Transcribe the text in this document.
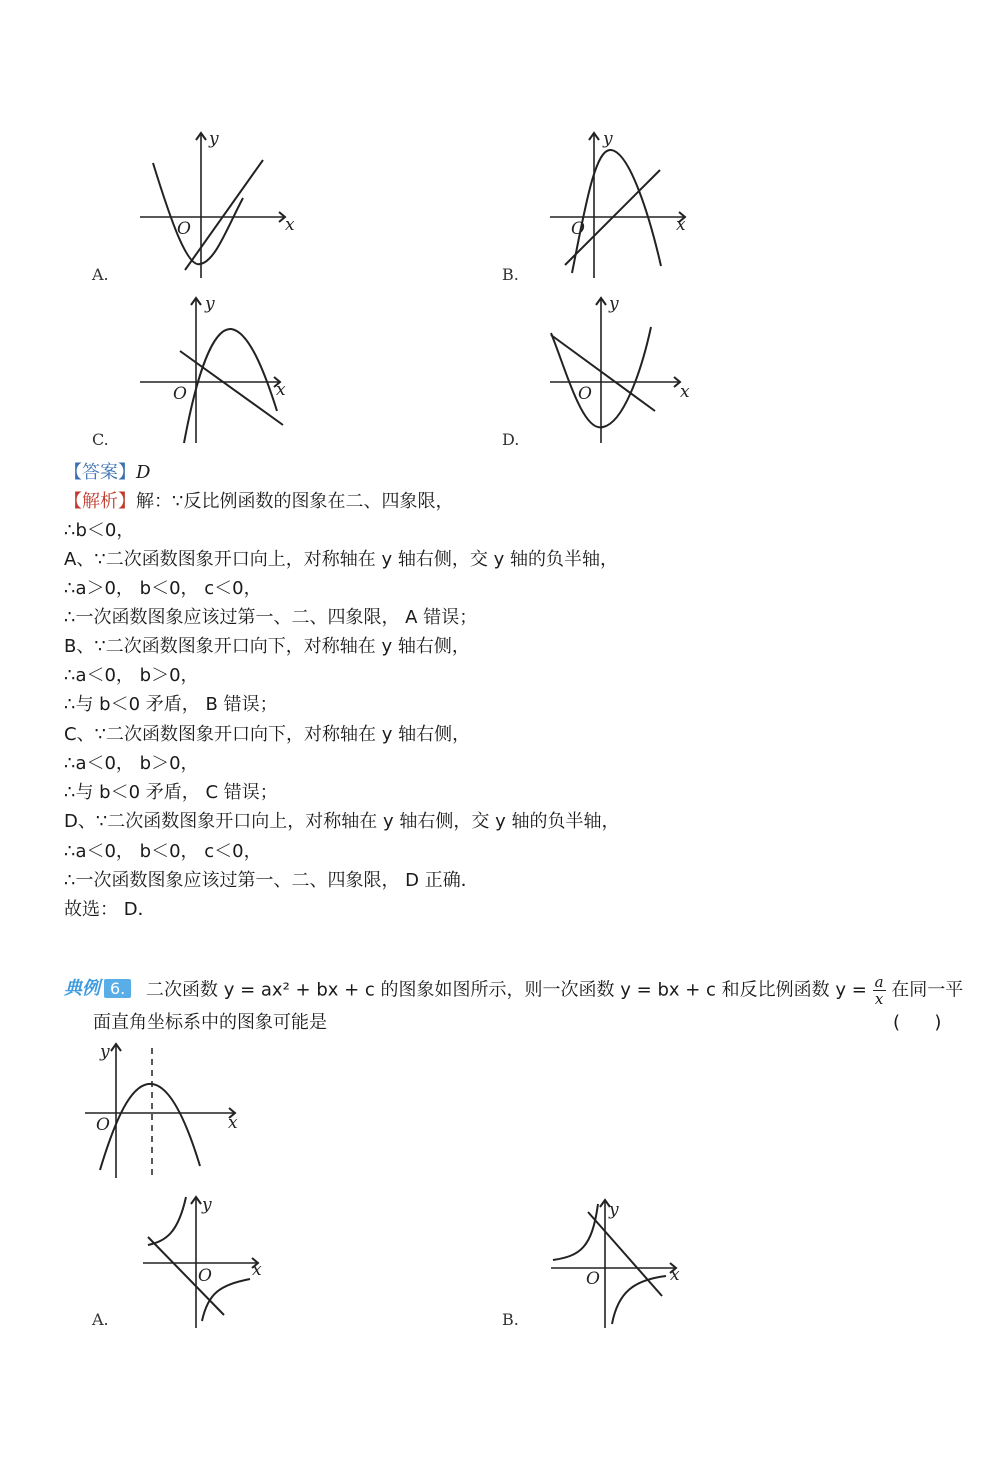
x
y
O
A.
x
y
O
B.
x
y
O
C.
x
y
O
D.
【答案】D
【解析】解：∵反比例函数的图象在二、四象限，
∴b＜0，
A、∵二次函数图象开口向上，对称轴在 y 轴右侧，交 y 轴的负半轴，
∴a＞0， b＜0， c＜0，
∴一次函数图象应该过第一、二、四象限， A 错误；
B、∵二次函数图象开口向下，对称轴在 y 轴右侧，
∴a＜0， b＞0，
∴与 b＜0 矛盾， B 错误；
C、∵二次函数图象开口向下，对称轴在 y 轴右侧，
∴a＜0， b＞0，
∴与 b＜0 矛盾， C 错误；
D、∵二次函数图象开口向上，对称轴在 y 轴右侧，交 y 轴的负半轴，
∴a＜0， b＜0， c＜0，
∴一次函数图象应该过第一、二、四象限， D 正确．
故选： D．
典例 6.	二次函数 y = ax² + bx + c 的图象如图所示，则一次函数 y = bx + c 和反比例函数 $y = \frac{a}{x}$ 在同一平
面直角坐标系中的图象可能是	(      )
x
y
O
x
y
O
A.
x
y
O
B.
